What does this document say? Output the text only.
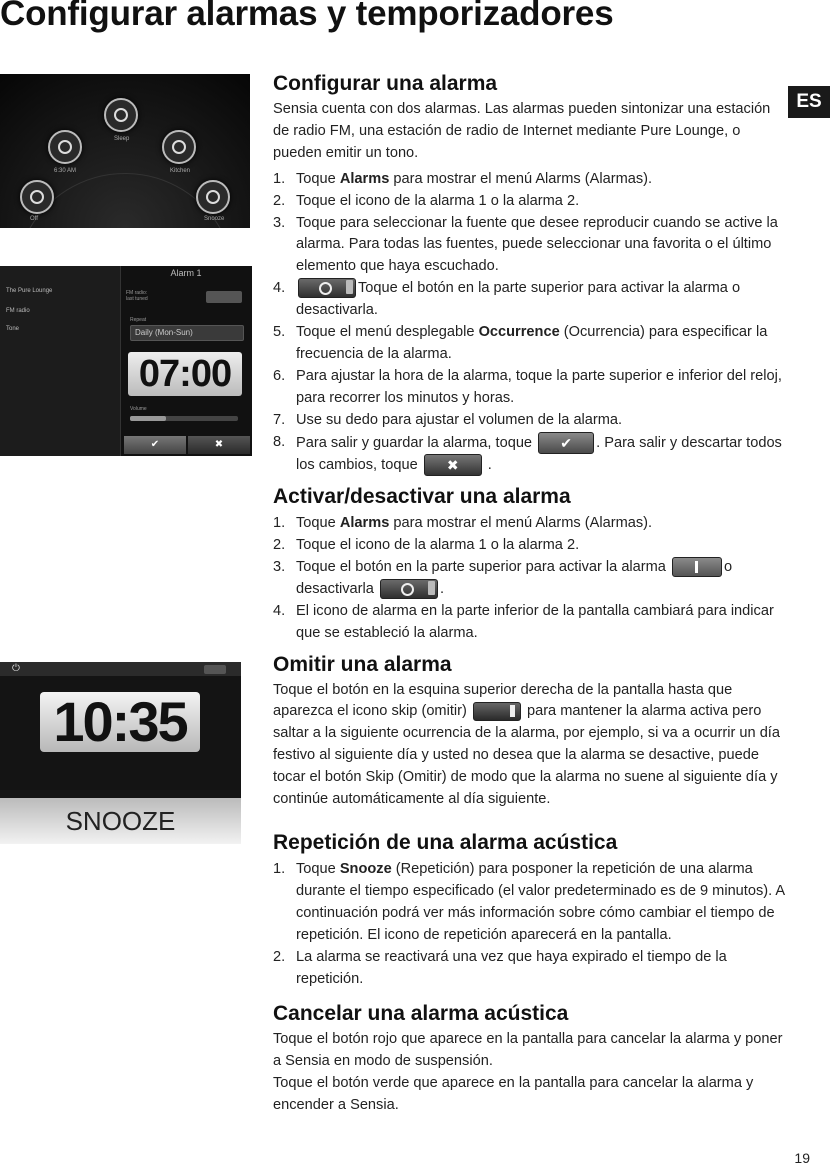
Configurar alarmas y temporizadores
ES
19
Sleep
6:30 AM	Kitchen
Off	Snooze
The Pure Lounge
FM radio
Tone
Alarm 1
FM radio:
last tuned
Repeat
Daily (Mon-Sun)
07:00
Volume
✔	✖
⏻
10:35
SNOOZE
Configurar una alarma

Sensia cuenta con dos alarmas. Las alarmas pueden sintonizar una estación de radio FM, una estación de radio de Internet mediante Pure Lounge, o pueden emitir un tono.

1. Toque Alarms para mostrar el menú Alarms (Alarmas).
2. Toque el icono de la alarma 1 o la alarma 2.
3. Toque para seleccionar la fuente que desee reproducir cuando se active la alarma. Para todas las fuentes, puede seleccionar una favorita o el último elemento que haya escuchado.
4.	Toque el botón en la parte superior para activar la alarma o desactivarla.
5. Toque el menú desplegable Occurrence (Ocurrencia) para especificar la frecuencia de la alarma.
6. Para ajustar la hora de la alarma, toque la parte superior e inferior del reloj, para recorrer los minutos y horas.
7. Use su dedo para ajustar el volumen de la alarma.
8. Para salir y guardar la alarma, toque ✔ . Para salir y descartar todos los cambios, toque ✖ .
Activar/desactivar una alarma
1. Toque Alarms para mostrar el menú Alarms (Alarmas).
2. Toque el icono de la alarma 1 o la alarma 2.
3. Toque el botón en la parte superior para activar la alarma	o desactivarla	.
4. El icono de alarma en la parte inferior de la pantalla cambiará para indicar que se estableció la alarma.
Omitir una alarma

Toque el botón en la esquina superior derecha de la pantalla hasta que aparezca el icono skip (omitir)	para mantener la alarma activa pero saltar a la siguiente ocurrencia de la alarma, por ejemplo, si va a ocurrir un día festivo al siguiente día y usted no desea que la alarma se desactive, puede tocar el botón Skip (Omitir) de modo que la alarma no suene al siguiente día y continúe automáticamente al día siguiente.

Repetición de una alarma acústica
1. Toque Snooze (Repetición) para posponer la repetición de una alarma durante el tiempo especificado (el valor predeterminado es de 9 minutos). A continuación podrá ver más información sobre cómo cambiar el tiempo de repetición. El icono de repetición aparecerá en la pantalla.
2. La alarma se reactivará una vez que haya expirado el tiempo de la repetición.
Cancelar una alarma acústica

Toque el botón rojo que aparece en la pantalla para cancelar la alarma y poner a Sensia en modo de suspensión.

Toque el botón verde que aparece en la pantalla para cancelar la alarma y encender a Sensia.
